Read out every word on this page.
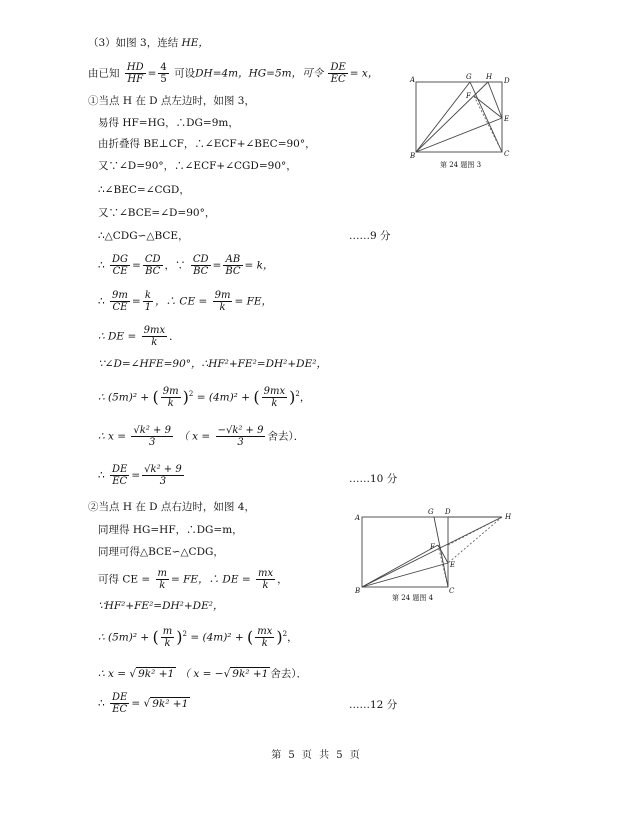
（3）如图 3，连结 HE，
由已知 $\frac{HD}{HF} = \frac{4}{5}$ 可设DH=4m，HG=5m，可令 $\frac{DE}{EC} = x$，
①当点 H 在 D 点左边时，如图 3，
易得 HF=HG，∴DG=9m，
由折叠得 BE⊥CF，∴∠ECF+∠BEC=90°，
又∵∠D=90°，∴∠ECF+∠CGD=90°，
∴∠BEC=∠CGD，
又∵∠BCE=∠D=90°，
∴△CDG∽△BCE，	……9 分
∴ $\frac{DG}{CE} = \frac{CD}{BC}$ ，∵ $\frac{CD}{BC} = \frac{AB}{BC} = k$，
∴ $\frac{9m}{CE} = \frac{k}{1}$ ，∴ CE = $\frac{9m}{k}$ = FE，
∴ DE = $\frac{9mx}{k}$ ．
∵∠D=∠HFE=90°，∴HF²+FE²=DH²+DE²，
∴ (5m)² + ( $\frac{9m}{k} )^2 = (4m)^2$ + ( $\frac{9mx}{k} )^2$，
∴ $x = \frac{\text{√k² + 9}}{3}$ （ $x = \frac{\text{−√k² + 9}}{3}$ 舍去）．
∴ $\frac{DE}{EC} = \frac{\text{√k² + 9}}{3}$	……10 分
②当点 H 在 D 点右边时，如图 4，
同理得 HG=HF，∴DG=m，
同理可得△BCE∽△CDG，
可得 CE = $\frac{m}{k}$ = FE，∴ DE = $\frac{mx}{k}$ ，
∵HF²+FE²=DH²+DE²，
∴ (5m)² + ( $\frac{m}{k} )^2 = (4m)^2$ + ( $\frac{mx}{k} )^2$，
∴ x = √ 9k² +1 （ x = −√ 9k² +1 舍去）．
∴ $\frac{DE}{EC}$ = √ 9k² +1	……12 分
A	G H D
F
E
B	C
第 24 题图 3
A
G D
H
F
E
B	C
第 24 题图 4
第 5 页 共 5 页
